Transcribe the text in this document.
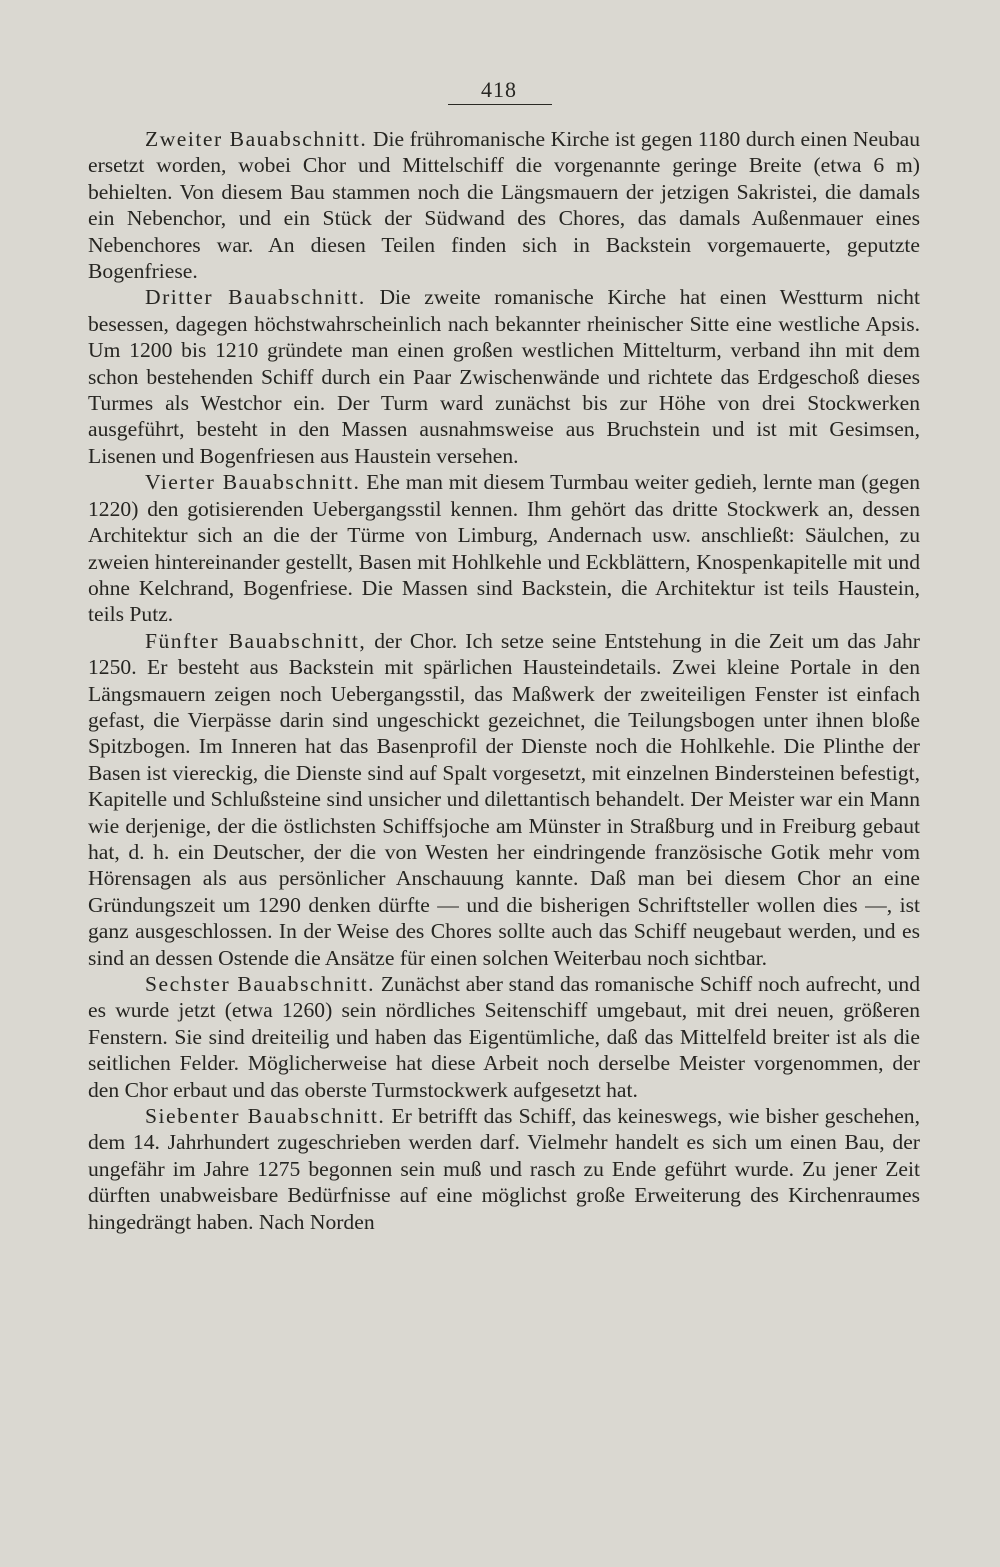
418

Zweiter Bauabschnitt. Die frühromanische Kirche ist gegen 1180 durch einen Neubau ersetzt worden, wobei Chor und Mittelschiff die vorgenannte geringe Breite (etwa 6 m) behielten. Von diesem Bau stammen noch die Längsmauern der jetzigen Sakristei, die damals ein Nebenchor, und ein Stück der Südwand des Chores, das damals Außenmauer eines Nebenchores war. An diesen Teilen finden sich in Backstein vorgemauerte, geputzte Bogenfriese.

Dritter Bauabschnitt. Die zweite romanische Kirche hat einen Westturm nicht besessen, dagegen höchstwahrscheinlich nach bekannter rheinischer Sitte eine westliche Apsis. Um 1200 bis 1210 gründete man einen großen westlichen Mittelturm, verband ihn mit dem schon bestehenden Schiff durch ein Paar Zwischenwände und richtete das Erdgeschoß dieses Turmes als Westchor ein. Der Turm ward zunächst bis zur Höhe von drei Stockwerken ausgeführt, besteht in den Massen ausnahmsweise aus Bruchstein und ist mit Gesimsen, Lisenen und Bogenfriesen aus Haustein versehen.

Vierter Bauabschnitt. Ehe man mit diesem Turmbau weiter gedieh, lernte man (gegen 1220) den gotisierenden Uebergangsstil kennen. Ihm gehört das dritte Stockwerk an, dessen Architektur sich an die der Türme von Limburg, Andernach usw. anschließt: Säulchen, zu zweien hintereinander gestellt, Basen mit Hohlkehle und Eckblättern, Knospenkapitelle mit und ohne Kelchrand, Bogenfriese. Die Massen sind Backstein, die Architektur ist teils Haustein, teils Putz.

Fünfter Bauabschnitt, der Chor. Ich setze seine Entstehung in die Zeit um das Jahr 1250. Er besteht aus Backstein mit spärlichen Hausteindetails. Zwei kleine Portale in den Längsmauern zeigen noch Uebergangsstil, das Maßwerk der zweiteiligen Fenster ist einfach gefast, die Vierpässe darin sind ungeschickt gezeichnet, die Teilungsbogen unter ihnen bloße Spitzbogen. Im Inneren hat das Basenprofil der Dienste noch die Hohlkehle. Die Plinthe der Basen ist viereckig, die Dienste sind auf Spalt vorgesetzt, mit einzelnen Bindersteinen befestigt, Kapitelle und Schlußsteine sind unsicher und dilettantisch behandelt. Der Meister war ein Mann wie derjenige, der die östlichsten Schiffsjoche am Münster in Straßburg und in Freiburg gebaut hat, d. h. ein Deutscher, der die von Westen her eindringende französische Gotik mehr vom Hörensagen als aus persönlicher Anschauung kannte. Daß man bei diesem Chor an eine Gründungszeit um 1290 denken dürfte — und die bisherigen Schriftsteller wollen dies —, ist ganz ausgeschlossen. In der Weise des Chores sollte auch das Schiff neugebaut werden, und es sind an dessen Ostende die Ansätze für einen solchen Weiterbau noch sichtbar.

Sechster Bauabschnitt. Zunächst aber stand das romanische Schiff noch aufrecht, und es wurde jetzt (etwa 1260) sein nördliches Seitenschiff umgebaut, mit drei neuen, größeren Fenstern. Sie sind dreiteilig und haben das Eigentümliche, daß das Mittelfeld breiter ist als die seitlichen Felder. Möglicherweise hat diese Arbeit noch derselbe Meister vorgenommen, der den Chor erbaut und das oberste Turmstockwerk aufgesetzt hat.

Siebenter Bauabschnitt. Er betrifft das Schiff, das keineswegs, wie bisher geschehen, dem 14. Jahrhundert zugeschrieben werden darf. Vielmehr handelt es sich um einen Bau, der ungefähr im Jahre 1275 begonnen sein muß und rasch zu Ende geführt wurde. Zu jener Zeit dürften unabweisbare Bedürfnisse auf eine möglichst große Erweiterung des Kirchenraumes hingedrängt haben. Nach Norden
